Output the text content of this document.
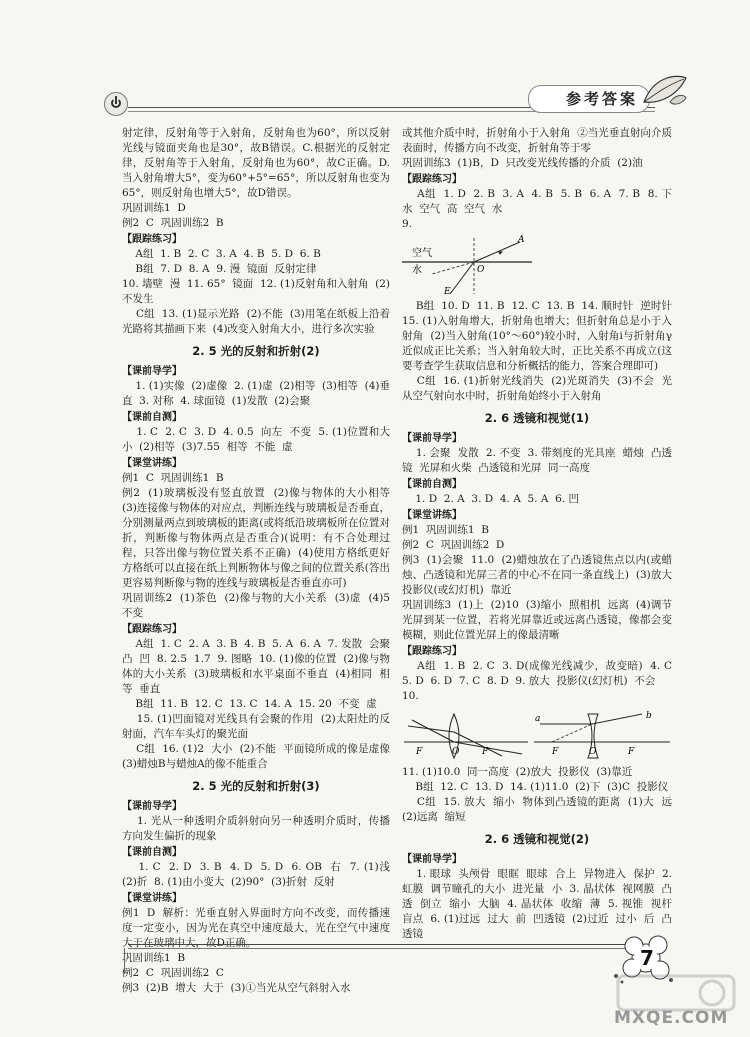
参考答案

射定律，反射角等于入射角，反射角也为60°，所以反射光线与镜面夹角也是30°，故B错误。C.根据光的反射定律，反射角等于入射角，反射角也为60°，故C正确。D.当入射角增大5°，变为60°+5°=65°，所以反射角也变为65°，则反射角也增大5°，故D错误。

巩固训练1  D

例2  C  巩固训练2  B

【跟踪练习】

A组  1. B  2. C  3. A  4. B  5. D  6. B

B组  7. D  8. A  9. 漫  镜面  反射定律

10. 墙壁  漫  11. 65°  镜面  12. (1)反射角和入射角  (2)不发生

C组  13. (1)显示光路  (2)不能  (3)用笔在纸板上沿着光路将其描画下来  (4)改变入射角大小，进行多次实验

2. 5 光的反射和折射(2)

【课前导学】

1. (1)实像  (2)虚像  2. (1)虚  (2)相等  (3)相等  (4)垂直  3. 对称  4. 球面镜  (1)发散  (2)会聚

【课前自测】

1. C  2. C  3. D  4. 0.5  向左  不变  5. (1)位置和大小  (2)相等  (3)7.55  相等  不能  虚

【课堂讲练】

例1  C  巩固训练1  B

例2  (1)玻璃板没有竖直放置  (2)像与物体的大小相等  (3)连接像与物体的对应点，判断连线与玻璃板是否垂直，分别测量两点到玻璃板的距离(或将纸沿玻璃板所在位置对折，判断像与物体两点是否重合)(说明：有不合处理过程，只答出像与物位置关系不正确)  (4)使用方格纸更好  方格纸可以直接在纸上判断物体与像之间的位置关系(答出更容易判断像与物的连线与玻璃板是否垂直亦可)

巩固训练2  (1)茶色  (2)像与物的大小关系  (3)虚  (4)5  不变

【跟踪练习】

A组  1. C  2. A  3. B  4. B  5. A  6. A  7. 发散  会聚  凸  凹  8. 2.5  1.7  9. 图略  10. (1)像的位置  (2)像与物体的大小关系  (3)玻璃板和水平桌面不垂直  (4)相同  相等  垂直

B组  11. B  12. C  13. C  14. A  15. 20  不变  虚

15. (1)凹面镜对光线具有会聚的作用  (2)太阳灶的反射面，汽车车头灯的聚光面

C组  16. (1)2  大小  (2)不能  平面镜所成的像是虚像  (3)蜡烛B与蜡烛A的像不能重合

2. 5 光的反射和折射(3)

【课前导学】

1. 光从一种透明介质斜射向另一种透明介质时，传播方向发生偏折的现象

【课前自测】

1. C  2. D  3. B  4. D  5. D  6. OB  右  7. (1)浅  (2)折  8. (1)由小变大  (2)90°  (3)折射  反射

【课堂讲练】

例1  D  解析：光垂直射入界面时方向不改变，而传播速度一定变小，因为光在真空中速度最大，光在空气中速度大于在玻璃中大，故D正确。

巩固训练1  B

例2  C  巩固训练2  C

例3  (2)B  增大  大于  (3)①当光从空气斜射入水

或其他介质中时，折射角小于入射角  ②当光垂直射向介质表面时，传播方向不改变，折射角等于零

巩固训练3  (1)B，D  只改变光线传播的介质  (2)油

【跟踪练习】

A组  1. D  2. B  3. A  4. B  5. B  6. A  7. B  8. 下  水  空气  高  空气  水

9.

空气
水
A
O
E

B组  10. D  11. B  12. C  13. B  14. 顺时针  逆时针  15. (1)入射角增大，折射角也增大；但折射角总是小于入射角  (2)当入射角(10°～60°)较小时，入射角i与折射角γ近似成正比关系；当入射角较大时，正比关系不再成立(这要考查学生获取信息和分析概括的能力，答案合理即可)

C组  16. (1)折射光线消失  (2)光斑消失  (3)不会  光从空气射向水中时，折射角始终小于入射角

2. 6 透镜和视觉(1)

【课前导学】

1. 会聚  发散  2. 不变  3. 带刻度的光具座  蜡烛  凸透镜  光屏和火柴  凸透镜和光屏  同一高度

【课前自测】

1. D  2. A  3. D  4. A  5. A  6. 凹

【课堂讲练】

例1  巩固训练1  B

例2  C  巩固训练2  D

例3  (1)会聚  11.0  (2)蜡烛放在了凸透镜焦点以内(或蜡烛、凸透镜和光屏三者的中心不在同一条直线上)  (3)放大  投影仪(或幻灯机)  靠近

巩固训练3  (1)上  (2)10  (3)缩小  照相机  远离  (4)调节光屏到某一位置，若将光屏靠近或远离凸透镜，像都会变模糊，则此位置光屏上的像最清晰

【跟踪练习】

A组  1. B  2. C  3. D(成像光线减少，故变暗)  4. C  5. D  6. D  7. C  8. D  9. 放大  投影仪(幻灯机)  不会

10.

F	O	F
a	b
F	O	F

11. (1)10.0  同一高度  (2)放大  投影仪  (3)靠近

B组  12. C  13. D  14. (1)11.0  (2)下  (3)C  投影仪

C组  15. 放大  缩小  物体到凸透镜的距离  (1)大  远  (2)远离  缩短

2. 6 透镜和视觉(2)

【课前导学】

1. 眼球  头颅骨  眼眶  眼球  合上  异物进入  保护  2. 虹膜  调节瞳孔的大小  进光量  小  3. 晶状体  视网膜  凸透  倒立  缩小  大脑  4. 晶状体  收缩  薄  5. 视锥  视杆  盲点  6. (1)过远  过大  前  凹透镜  (2)过近  过小  后  凸透镜

7
MXQE.COM
